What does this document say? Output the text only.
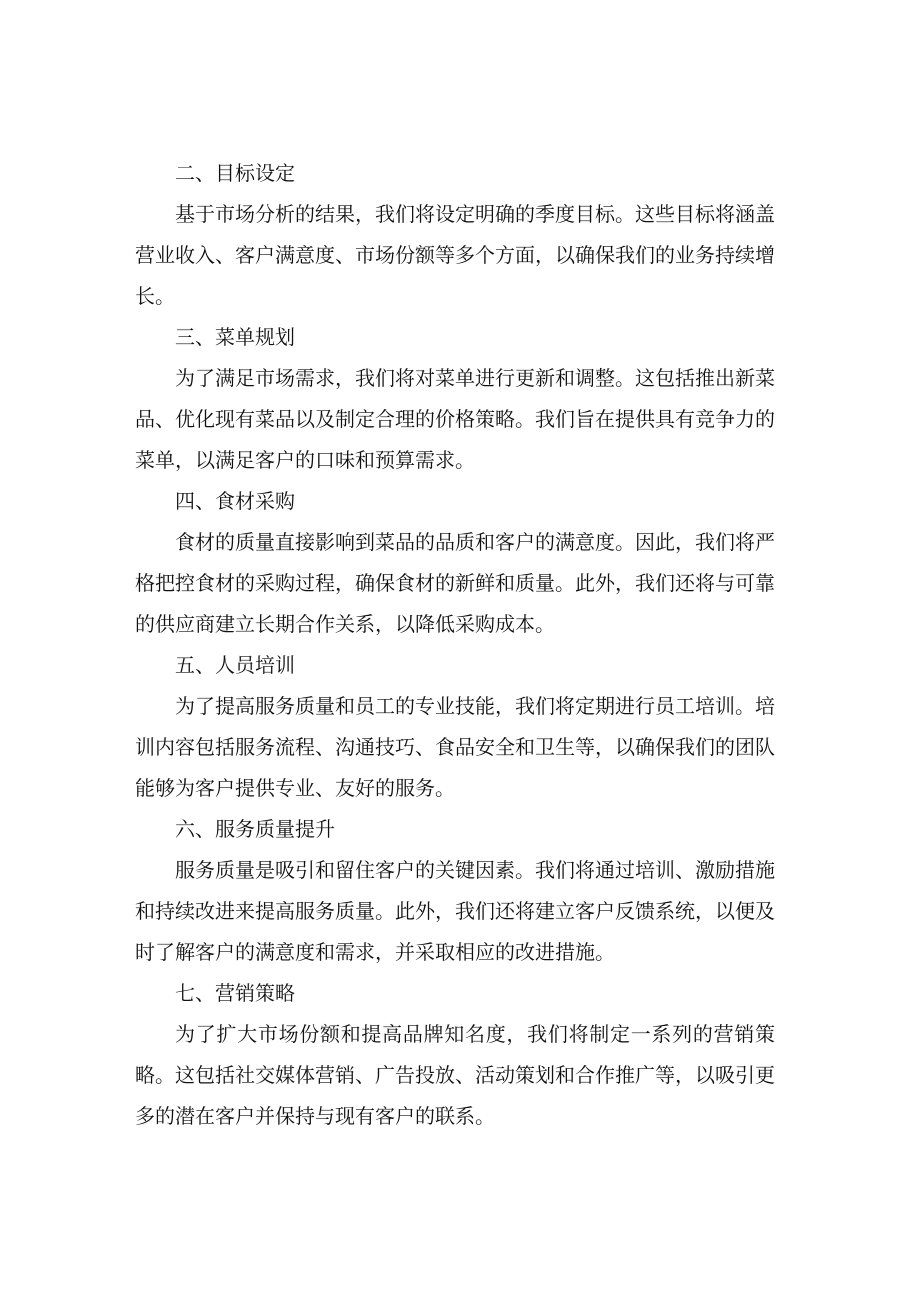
二、目标设定

基于市场分析的结果，我们将设定明确的季度目标。这些目标将涵盖营业收入、客户满意度、市场份额等多个方面，以确保我们的业务持续增长。

三、菜单规划

为了满足市场需求，我们将对菜单进行更新和调整。这包括推出新菜品、优化现有菜品以及制定合理的价格策略。我们旨在提供具有竞争力的菜单，以满足客户的口味和预算需求。

四、食材采购

食材的质量直接影响到菜品的品质和客户的满意度。因此，我们将严格把控食材的采购过程，确保食材的新鲜和质量。此外，我们还将与可靠的供应商建立长期合作关系，以降低采购成本。

五、人员培训

为了提高服务质量和员工的专业技能，我们将定期进行员工培训。培训内容包括服务流程、沟通技巧、食品安全和卫生等，以确保我们的团队能够为客户提供专业、友好的服务。

六、服务质量提升

服务质量是吸引和留住客户的关键因素。我们将通过培训、激励措施和持续改进来提高服务质量。此外，我们还将建立客户反馈系统，以便及时了解客户的满意度和需求，并采取相应的改进措施。

七、营销策略

为了扩大市场份额和提高品牌知名度，我们将制定一系列的营销策略。这包括社交媒体营销、广告投放、活动策划和合作推广等，以吸引更多的潜在客户并保持与现有客户的联系。
